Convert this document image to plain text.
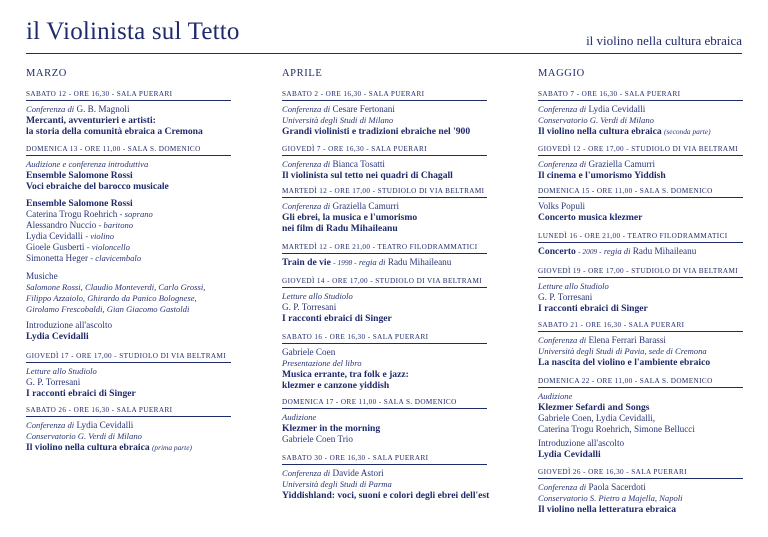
il Violinista sul Tetto	il violino nella cultura ebraica
MARZO
SABATO 12 - ORE 16,30 - SALA PUERARI
Conferenza di G. B. Magnoli
Mercanti, avventurieri e artisti:
la storia della comunità ebraica a Cremona
DOMENICA 13 - ORE 11,00 - SALA S. DOMENICO
Audizione e conferenza introduttiva
Ensemble Salomone Rossi
Voci ebraiche del barocco musicale
Ensemble Salomone Rossi
Caterina Trogu Roehrich - soprano
Alessandro Nuccio - baritono
Lydia Cevidalli - violino
Gioele Gusberti - violoncello
Simonetta Heger - clavicembalo
Musiche
Salomone Rossi, Claudio Monteverdi, Carlo Grossi,
Filippo Azzaiolo, Ghirardo da Panico Bolognese,
Girolamo Frescobaldi, Gian Giacomo Gastoldi
Introduzione all'ascolto
Lydia Cevidalli
GIOVEDÌ 17 - ORE 17,00 - STUDIOLO DI VIA BELTRAMI
Letture allo Studiolo
G. P. Torresani
I racconti ebraici di Singer
SABATO 26 - ORE 16,30 - SALA PUERARI
Conferenza di Lydia Cevidalli
Conservatorio G. Verdi di Milano
Il violino nella cultura ebraica (prima parte)
APRILE
SABATO 2 - ORE 16,30 - SALA PUERARI
Conferenza di Cesare Fertonani
Università degli Studi di Milano
Grandi violinisti e tradizioni ebraiche nel '900
GIOVEDÌ 7 - ORE 16,30 - SALA PUERARI
Conferenza di Bianca Tosatti
Il violinista sul tetto nei quadri di Chagall
MARTEDÌ 12 - ORE 17,00 - STUDIOLO DI VIA BELTRAMI
Conferenza di Graziella Camurri
Gli ebrei, la musica e l'umorismo
nei film di Radu Mihaileanu
MARTEDÌ 12 - ORE 21,00 - TEATRO FILODRAMMATICI
Train de vie - 1998 - regia di Radu Mihaileanu
GIOVEDÌ 14 - ORE 17,00 - STUDIOLO DI VIA BELTRAMI
Letture allo Studiolo
G. P. Torresani
I racconti ebraici di Singer
SABATO 16 - ORE 16,30 - SALA PUERARI
Gabriele Coen
Presentazione del libro
Musica errante, tra folk e jazz:
klezmer e canzone yiddish
DOMENICA 17 - ORE 11,00 - SALA S. DOMENICO
Audizione
Klezmer in the morning
Gabriele Coen Trio
SABATO 30 - ORE 16,30 - SALA PUERARI
Conferenza di Davide Astori
Università degli Studi di Parma
Yiddishland: voci, suoni e colori degli ebrei dell'est
MAGGIO
SABATO 7 - ORE 16,30 - SALA PUERARI
Conferenza di Lydia Cevidalli
Conservatorio G. Verdi di Milano
Il violino nella cultura ebraica (seconda parte)
GIOVEDÌ 12 - ORE 17,00 - STUDIOLO DI VIA BELTRAMI
Conferenza di Graziella Camurri
Il cinema e l'umorismo Yiddish
DOMENICA 15 - ORE 11,00 - SALA S. DOMENICO
Volks Populi
Concerto musica klezmer
LUNEDÌ 16 - ORE 21,00 - TEATRO FILODRAMMATICI
Concerto - 2009 - regia di Radu Mihaileanu
GIOVEDÌ 19 - ORE 17,00 - STUDIOLO DI VIA BELTRAMI
Letture allo Studiolo
G. P. Torresani
I racconti ebraici di Singer
SABATO 21 - ORE 16,30 - SALA PUERARI
Conferenza di Elena Ferrari Barassi
Università degli Studi di Pavia, sede di Cremona
La nascita del violino e l'ambiente ebraico
DOMENICA 22 - ORE 11,00 - SALA S. DOMENICO
Audizione
Klezmer Sefardi and Songs
Gabriele Coen, Lydia Cevidalli,
Caterina Trogu Roehrich, Simone Bellucci
Introduzione all'ascolto
Lydia Cevidalli
GIOVEDÌ 26 - ORE 16,30 - SALA PUERARI
Conferenza di Paola Sacerdoti
Conservatorio S. Pietro a Majella, Napoli
Il violino nella letteratura ebraica
